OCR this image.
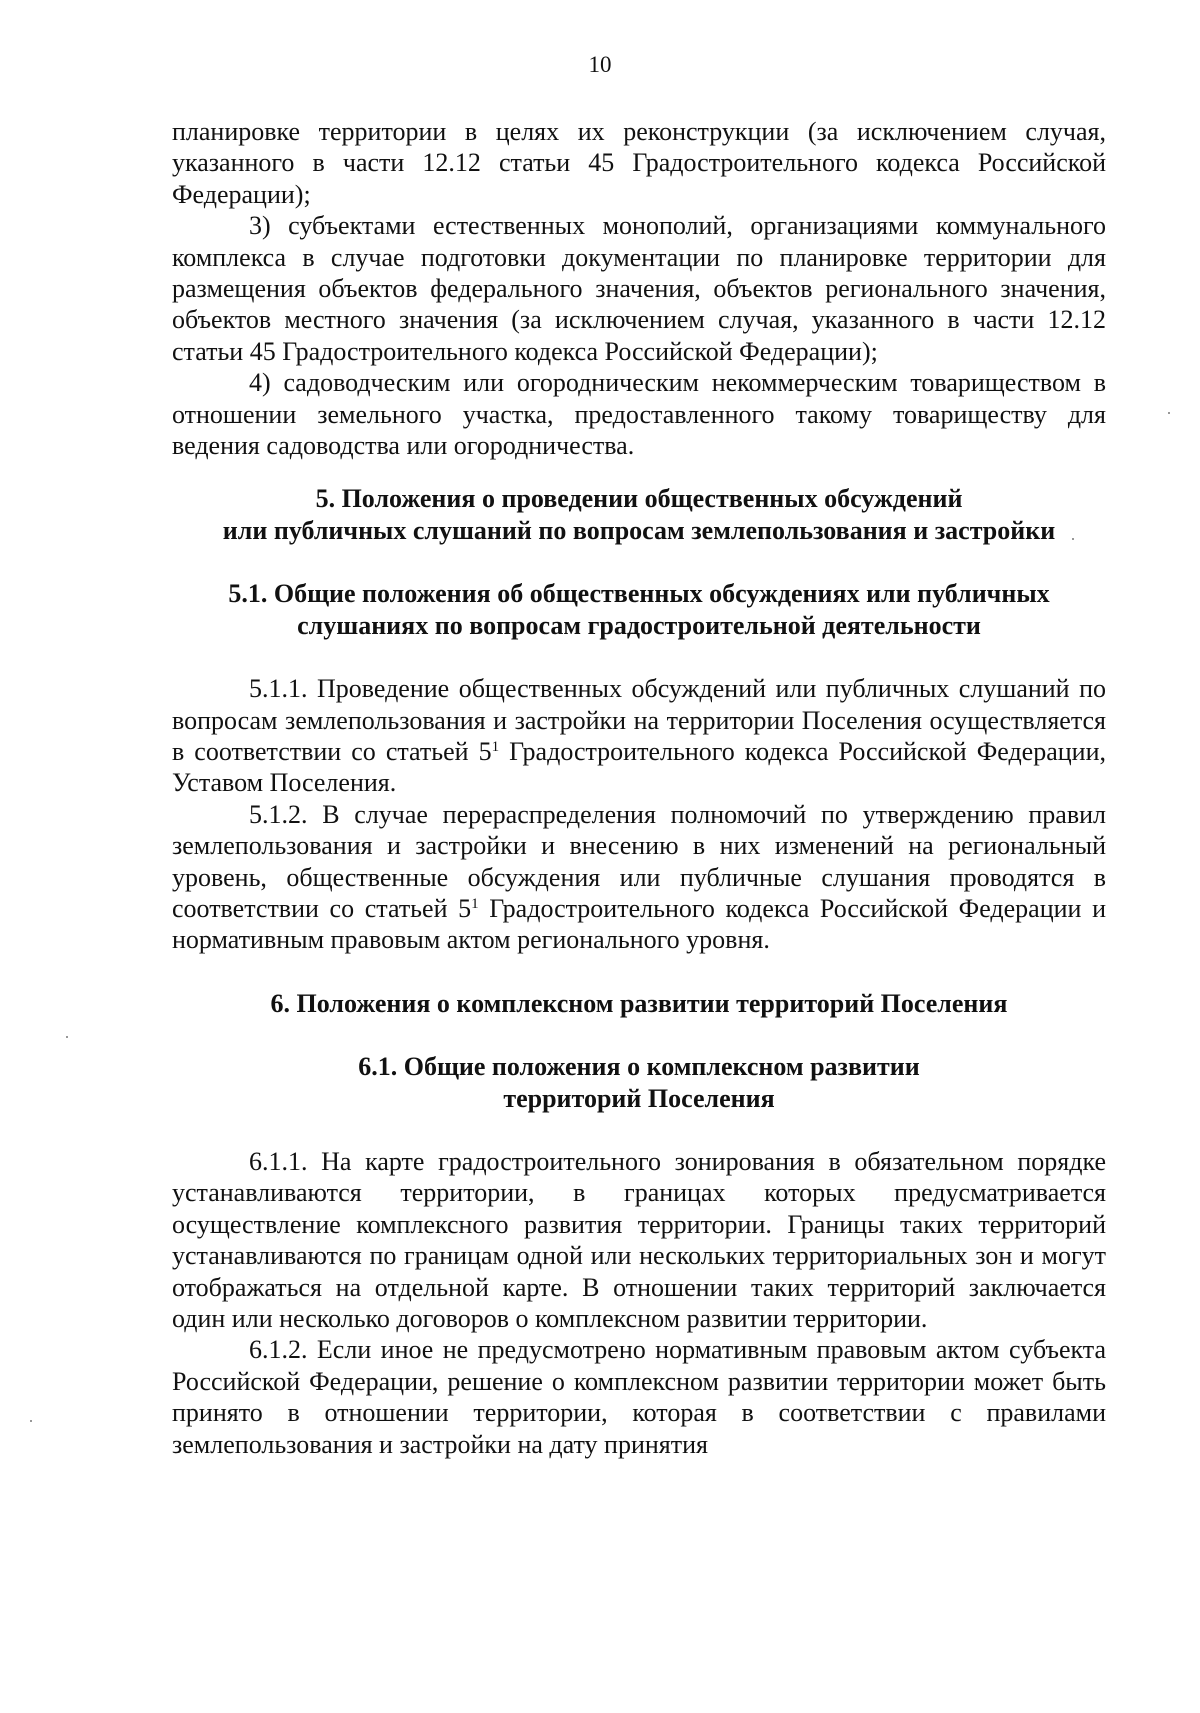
10

планировке территории в целях их реконструкции (за исключением случая, указанного в части 12.12 статьи 45 Градостроительного кодекса Российской Федерации);

3) субъектами естественных монополий, организациями коммунального комплекса в случае подготовки документации по планировке территории для размещения объектов федерального значения, объектов регионального значения, объектов местного значения (за исключением случая, указанного в части 12.12 статьи 45 Градостроительного кодекса Российской Федерации);

4) садоводческим или огородническим некоммерческим товариществом в отношении земельного участка, предоставленного такому товариществу для ведения садоводства или огородничества.

5. Положения о проведении общественных обсуждений
или публичных слушаний по вопросам землепользования и застройки
5.1. Общие положения об общественных обсуждениях или публичных
слушаниях по вопросам градостроительной деятельности

5.1.1. Проведение общественных обсуждений или публичных слушаний по вопросам землепользования и застройки на территории Поселения осуществляется в соответствии со статьей $5^1$ Градостроительного кодекса Российской Федерации, Уставом Поселения.

5.1.2. В случае перераспределения полномочий по утверждению правил землепользования и застройки и внесению в них изменений на региональный уровень, общественные обсуждения или публичные слушания проводятся в соответствии со статьей $5^1$ Градостроительного кодекса Российской Федерации и нормативным правовым актом регионального уровня.

6. Положения о комплексном развитии территорий Поселения
6.1. Общие положения о комплексном развитии
территорий Поселения

6.1.1. На карте градостроительного зонирования в обязательном порядке устанавливаются территории, в границах которых предусматривается осуществление комплексного развития территории. Границы таких территорий устанавливаются по границам одной или нескольких территориальных зон и могут отображаться на отдельной карте. В отношении таких территорий заключается один или несколько договоров о комплексном развитии территории.

6.1.2. Если иное не предусмотрено нормативным правовым актом субъекта Российской Федерации, решение о комплексном развитии территории может быть принято в отношении территории, которая в соответствии с правилами землепользования и застройки на дату принятия
